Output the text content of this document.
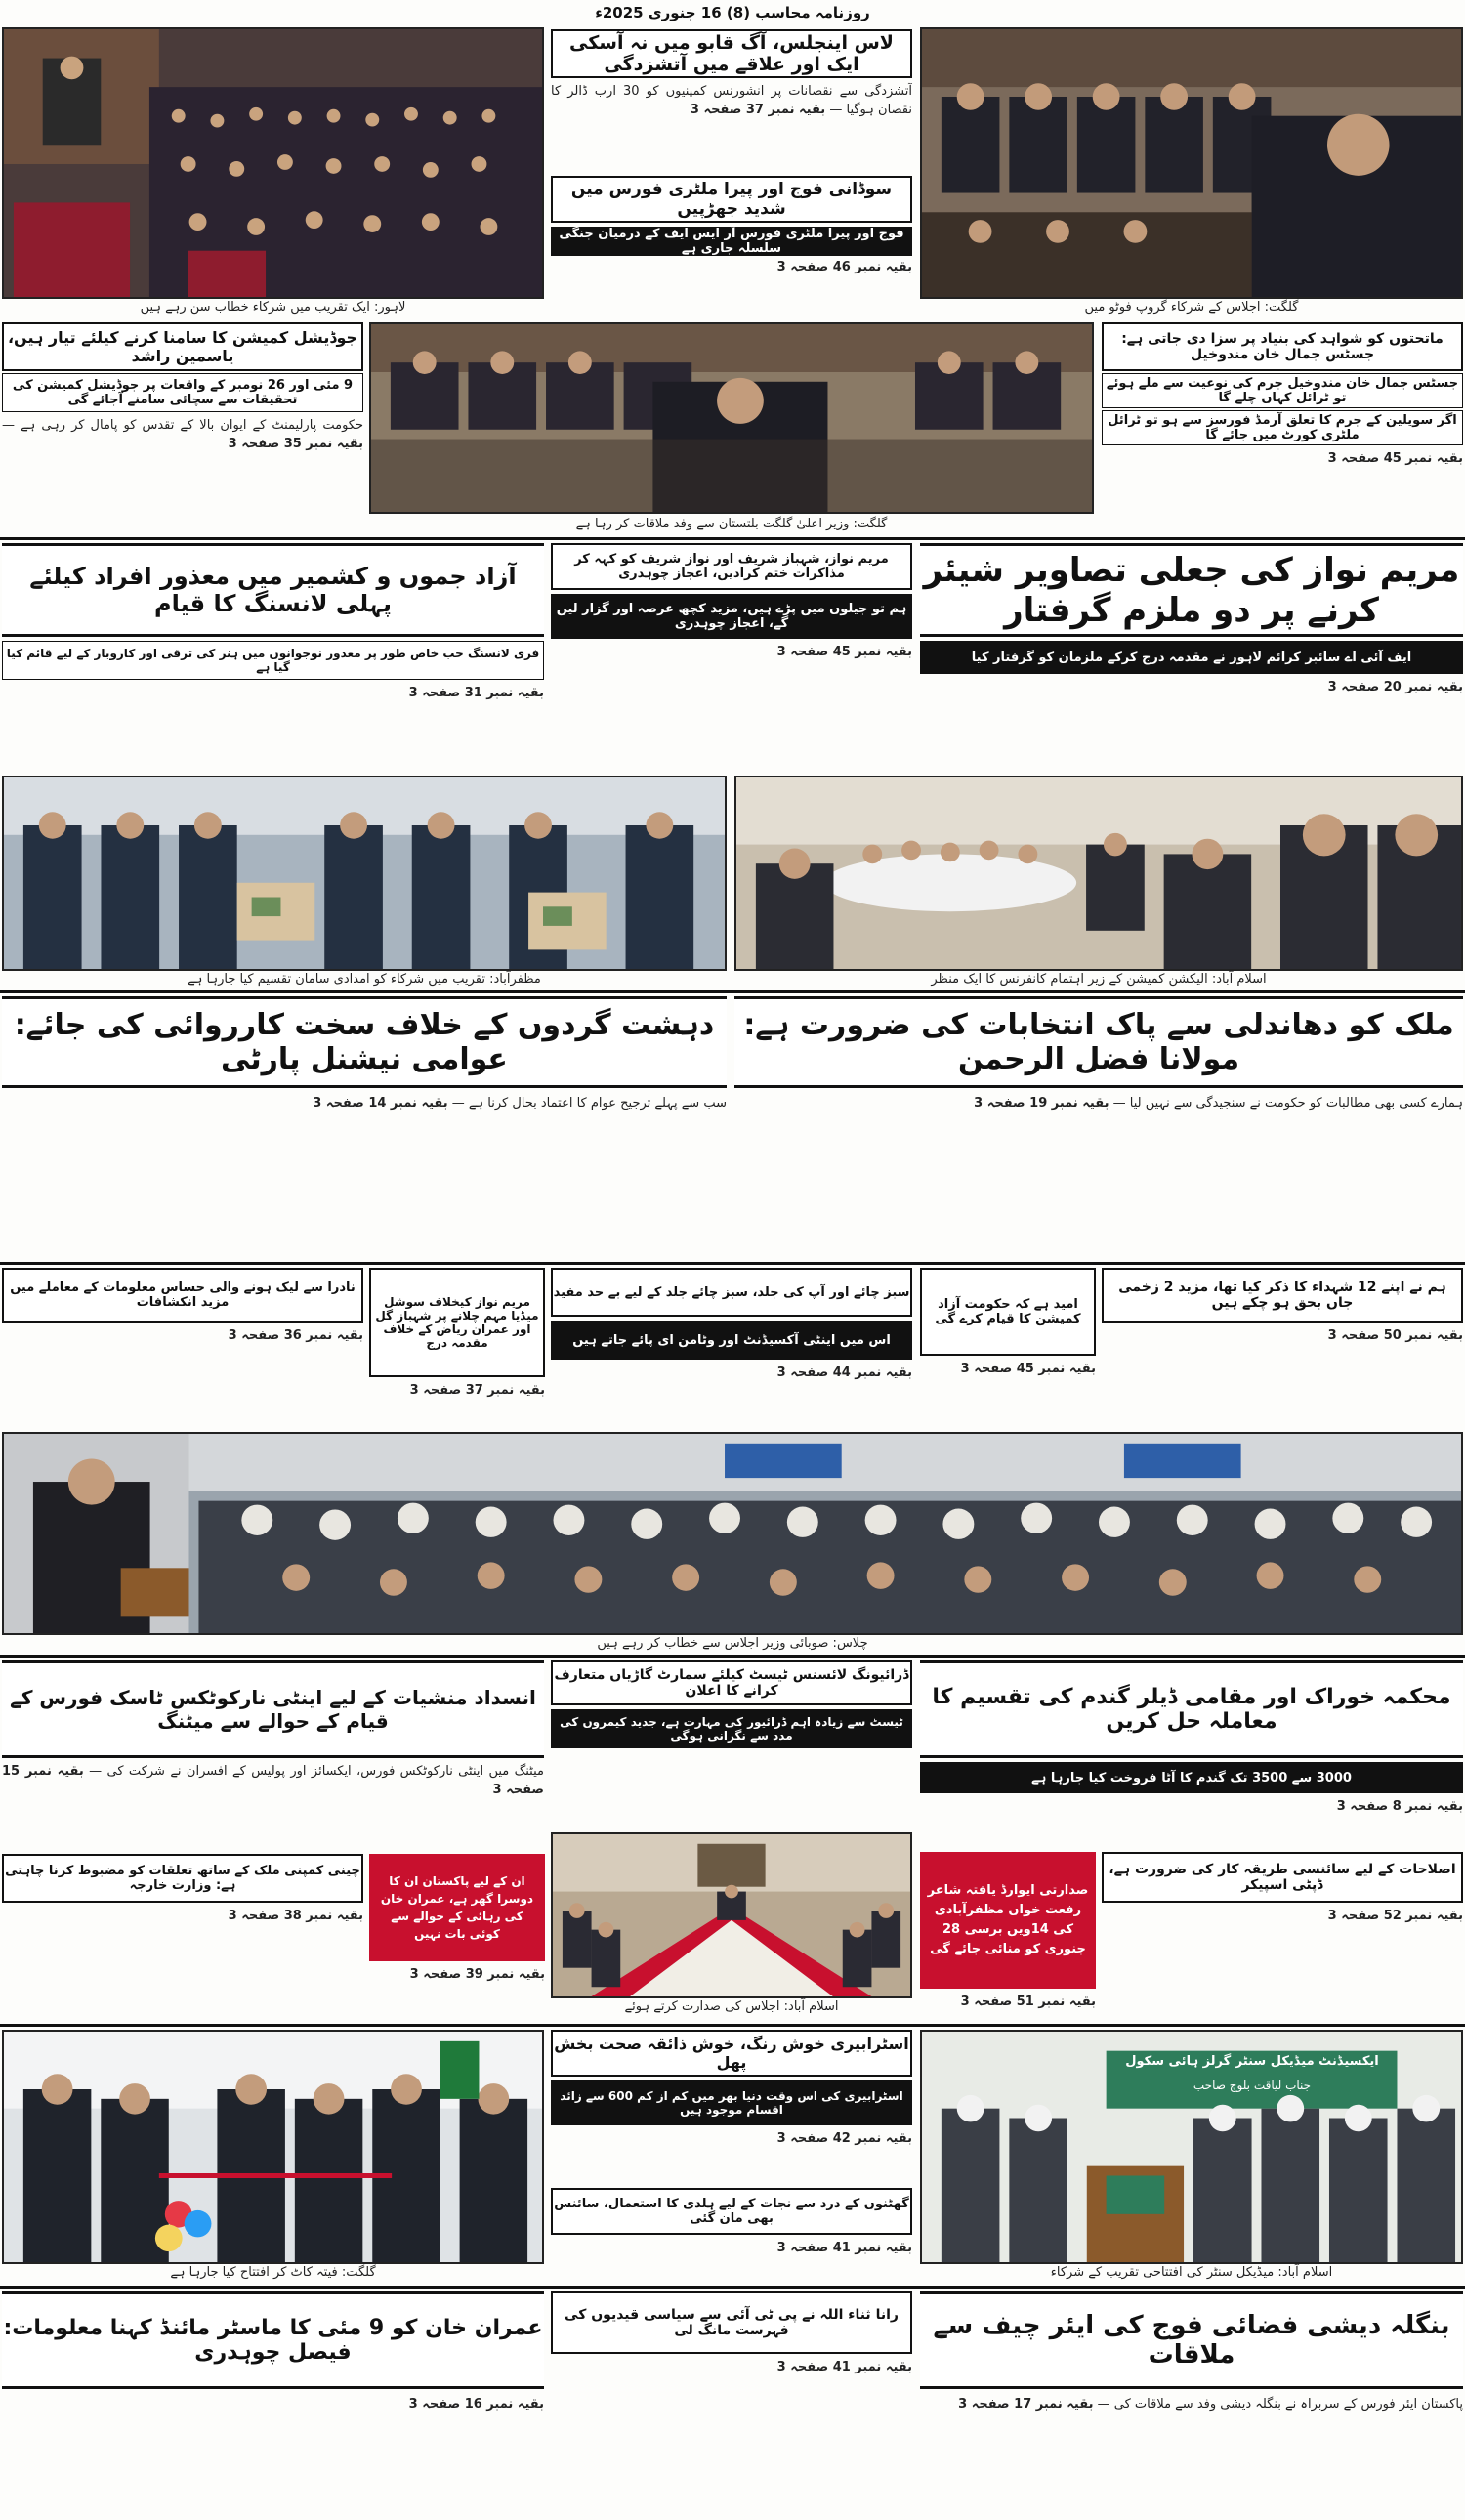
روزنامہ محاسب (8) 16 جنوری 2025ء
لاہور: ایک تقریب میں شرکاء خطاب سن رہے ہیں
لاس اینجلس، آگ قابو میں نہ آسکی ایک اور علاقے میں آتشزدگی
آتشزدگی سے نقصانات پر انشورنس کمپنیوں کو 30 ارب ڈالر کا نقصان ہوگیا — بقیہ نمبر 37 صفحہ 3
سوڈانی فوج اور پیرا ملٹری فورس میں شدید جھڑپیں
فوج اور پیرا ملٹری فورس آر ایس ایف کے درمیان جنگی سلسلہ جاری ہے
بقیہ نمبر 46 صفحہ 3
گلگت: اجلاس کے شرکاء گروپ فوٹو میں
جوڈیشل کمیشن کا سامنا کرنے کیلئے تیار ہیں، یاسمین راشد
9 مئی اور 26 نومبر کے واقعات پر جوڈیشل کمیشن کی تحقیقات سے سچائی سامنے آجائے گی
حکومت پارلیمنٹ کے ایوان بالا کے تقدس کو پامال کر رہی ہے — بقیہ نمبر 35 صفحہ 3
گلگت: وزیر اعلیٰ گلگت بلتستان سے وفد ملاقات کر رہا ہے
ماتحتوں کو شواہد کی بنیاد پر سزا دی جاتی ہے: جسٹس جمال خان مندوخیل
جسٹس جمال خان مندوخیل جرم کی نوعیت سے ملے ہوئے تو ٹرائل کہاں چلے گا
اگر سویلین کے جرم کا تعلق آرمڈ فورسز سے ہو تو ٹرائل ملٹری کورٹ میں جائے گا
بقیہ نمبر 45 صفحہ 3
مریم نواز کی جعلی تصاویر شیئر کرنے پر دو ملزم گرفتار
ایف آئی اے سائبر کرائم لاہور نے مقدمہ درج کرکے ملزمان کو گرفتار کیا
بقیہ نمبر 20 صفحہ 3
مریم نواز، شہباز شریف اور نواز شریف کو کہہ کر مذاکرات ختم کرادیں، اعجاز چوہدری
ہم تو جیلوں میں پڑے ہیں، مزید کچھ عرصہ اور گزار لیں گے، اعجاز چوہدری
بقیہ نمبر 45 صفحہ 3
آزاد جموں و کشمیر میں معذور افراد کیلئے پہلی لانسنگ کا قیام
فری لانسنگ حب خاص طور پر معذور نوجوانوں میں ہنر کی ترقی اور کاروبار کے لیے قائم کیا گیا ہے
بقیہ نمبر 31 صفحہ 3
مظفرآباد: تقریب میں شرکاء کو امدادی سامان تقسیم کیا جارہا ہے	اسلام آباد: الیکشن کمیشن کے زیر اہتمام کانفرنس کا ایک منظر
ملک کو دھاندلی سے پاک انتخابات کی ضرورت ہے: مولانا فضل الرحمن
ہمارے کسی بھی مطالبات کو حکومت نے سنجیدگی سے نہیں لیا — بقیہ نمبر 19 صفحہ 3
دہشت گردوں کے خلاف سخت کارروائی کی جائے: عوامی نیشنل پارٹی
سب سے پہلے ترجیح عوام کا اعتماد بحال کرنا ہے — بقیہ نمبر 14 صفحہ 3
ہم نے اپنے 12 شہداء کا ذکر کیا تھا، مزید 2 زخمی جاں بحق ہو چکے ہیں
بقیہ نمبر 50 صفحہ 3
امید ہے کہ حکومت آزاد کمیشن کا قیام کرے گی
بقیہ نمبر 45 صفحہ 3
سبز چائے اور آپ کی جلد، سبز چائے جلد کے لیے بے حد مفید
اس میں اینٹی آکسیڈنٹ اور وٹامن ای پائے جاتے ہیں
بقیہ نمبر 44 صفحہ 3
مریم نواز کیخلاف سوشل میڈیا مہم چلانے پر شہباز گل اور عمران ریاض کے خلاف مقدمہ درج
بقیہ نمبر 37 صفحہ 3
نادرا سے لیک ہونے والی حساس معلومات کے معاملے میں مزید انکشافات
بقیہ نمبر 36 صفحہ 3
چلاس: صوبائی وزیر اجلاس سے خطاب کر رہے ہیں
محکمہ خوراک اور مقامی ڈیلر گندم کی تقسیم کا معاملہ حل کریں
3000 سے 3500 تک گندم کا آٹا فروخت کیا جارہا ہے
بقیہ نمبر 8 صفحہ 3
اصلاحات کے لیے سائنسی طریقہ کار کی ضرورت ہے، ڈپٹی اسپیکر
بقیہ نمبر 52 صفحہ 3
صدارتی ایوارڈ یافتہ شاعر رفعت خواں مظفرآبادی کی 14ویں برسی 28 جنوری کو منائی جائے گی
بقیہ نمبر 51 صفحہ 3
ڈرائیونگ لائسنس ٹیسٹ کیلئے سمارٹ گاڑیاں متعارف کرانے کا اعلان
ٹیسٹ سے زیادہ اہم ڈرائیور کی مہارت ہے، جدید کیمروں کی مدد سے نگرانی ہوگی
اسلام آباد: اجلاس کی صدارت کرتے ہوئے
انسداد منشیات کے لیے اینٹی نارکوٹکس ٹاسک فورس کے قیام کے حوالے سے میٹنگ
میٹنگ میں اینٹی نارکوٹکس فورس، ایکسائز اور پولیس کے افسران نے شرکت کی — بقیہ نمبر 15 صفحہ 3
ان کے لیے پاکستان ان کا دوسرا گھر ہے، عمران خان کی رہائی کے حوالے سے کوئی بات نہیں
بقیہ نمبر 39 صفحہ 3
چینی کمپنی ملک کے ساتھ تعلقات کو مضبوط کرنا چاہتی ہے: وزارت خارجہ
بقیہ نمبر 38 صفحہ 3
گلگت: فیتہ کاٹ کر افتتاح کیا جارہا ہے
اسٹرابیری خوش رنگ، خوش ذائقہ صحت بخش پھل
اسٹرابیری کی اس وقت دنیا بھر میں کم از کم 600 سے زائد اقسام موجود ہیں
بقیہ نمبر 42 صفحہ 3
گھٹنوں کے درد سے نجات کے لیے ہلدی کا استعمال، سائنس بھی مان گئی
بقیہ نمبر 41 صفحہ 3
ایکسیڈنٹ میڈیکل سنٹر گرلز ہائی سکول
جناب لیاقت بلوچ صاحب
اسلام آباد: میڈیکل سنٹر کی افتتاحی تقریب کے شرکاء
بنگلہ دیشی فضائی فوج کی ایئر چیف سے ملاقات
پاکستان ایئر فورس کے سربراہ نے بنگلہ دیشی وفد سے ملاقات کی — بقیہ نمبر 17 صفحہ 3
رانا ثناء اللہ نے پی ٹی آئی سے سیاسی قیدیوں کی فہرست مانگ لی
بقیہ نمبر 41 صفحہ 3
عمران خان کو 9 مئی کا ماسٹر مائنڈ کہنا معلومات: فیصل چوہدری
بقیہ نمبر 16 صفحہ 3
